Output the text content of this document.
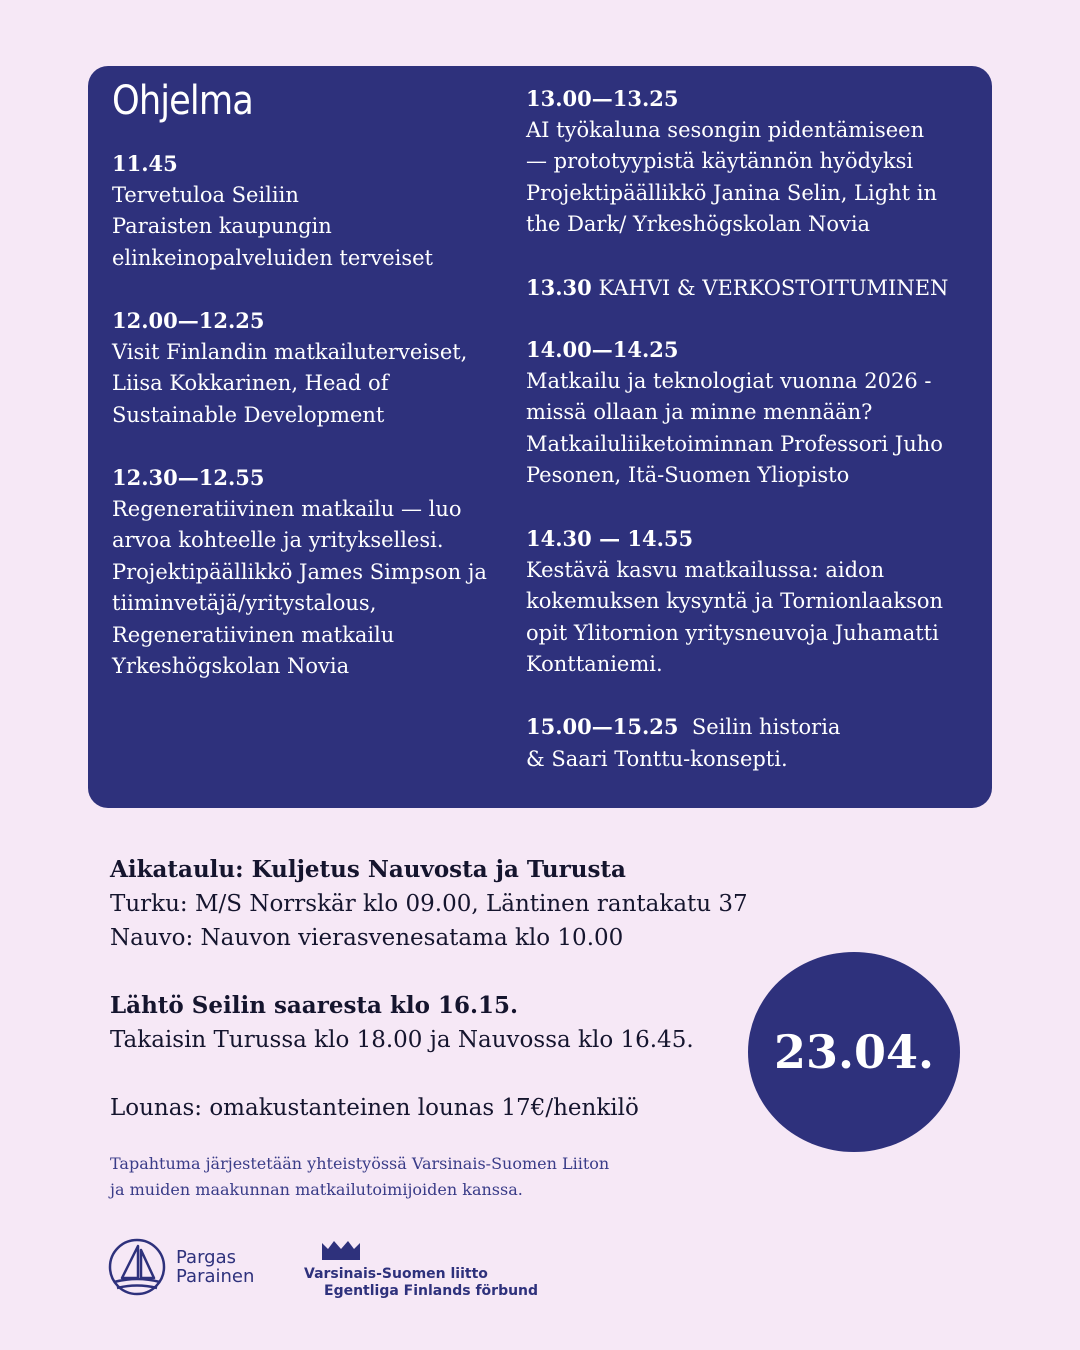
Ohjelma
11.45
Tervetuloa Seiliin
Paraisten kaupungin
elinkeinopalveluiden terveiset
12.00—12.25
Visit Finlandin matkailuterveiset,
Liisa Kokkarinen, Head of
Sustainable Development
12.30—12.55
Regeneratiivinen matkailu — luo
arvoa kohteelle ja yrityksellesi.
Projektipäällikkö James Simpson ja
tiiminvetäjä/yritystalous,
Regeneratiivinen matkailu
Yrkeshögskolan Novia
13.00—13.25
AI työkaluna sesongin pidentämiseen
— prototyypistä käytännön hyödyksi
Projektipäällikkö Janina Selin, Light in
the Dark/ Yrkeshögskolan Novia
13.30 KAHVI & VERKOSTOITUMINEN
14.00—14.25
Matkailu ja teknologiat vuonna 2026 -
missä ollaan ja minne mennään?
Matkailuliiketoiminnan Professori Juho
Pesonen, Itä-Suomen Yliopisto
14.30 — 14.55
Kestävä kasvu matkailussa: aidon
kokemuksen kysyntä ja Tornionlaakson
opit Ylitornion yritysneuvoja Juhamatti
Konttaniemi.
15.00—15.25 Seilin historia
& Saari Tonttu-konsepti.
Aikataulu: Kuljetus Nauvosta ja Turusta
Turku: M/S Norrskär klo 09.00, Läntinen rantakatu 37
Nauvo: Nauvon vierasvenesatama klo 10.00
Lähtö Seilin saaresta klo 16.15.
Takaisin Turussa klo 18.00 ja Nauvossa klo 16.45.
Lounas: omakustanteinen lounas 17€/henkilö
Tapahtuma järjestetään yhteistyössä Varsinais-Suomen Liiton
ja muiden maakunnan matkailutoimijoiden kanssa.
23.04.
Pargas
Parainen	Varsinais-Suomen liitto
Egentliga Finlands förbund
